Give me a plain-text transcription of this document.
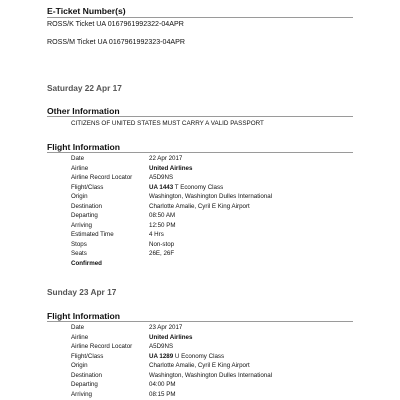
E-Ticket Number(s)
ROSS/K Ticket UA 0167961992322-04APR
ROSS/M Ticket UA 0167961992323-04APR
Saturday 22 Apr 17
Other Information
CITIZENS OF UNITED STATES MUST CARRY A VALID PASSPORT
Flight Information
Date	22 Apr 2017
Airline	United Airlines
Airline Record Locator	A5D9NS
Flight/Class	UA 1443 T Economy Class
Origin	Washington, Washington Dulles International
Destination	Charlotte Amalie, Cyril E King Airport
Departing	08:50 AM
Arriving	12:50 PM
Estimated Time	4 Hrs
Stops	Non-stop
Seats	26E, 26F
Confirmed
Sunday 23 Apr 17
Flight Information
Date	23 Apr 2017
Airline	United Airlines
Airline Record Locator	A5D9NS
Flight/Class	UA 1289 U Economy Class
Origin	Charlotte Amalie, Cyril E King Airport
Destination	Washington, Washington Dulles International
Departing	04:00 PM
Arriving	08:15 PM
